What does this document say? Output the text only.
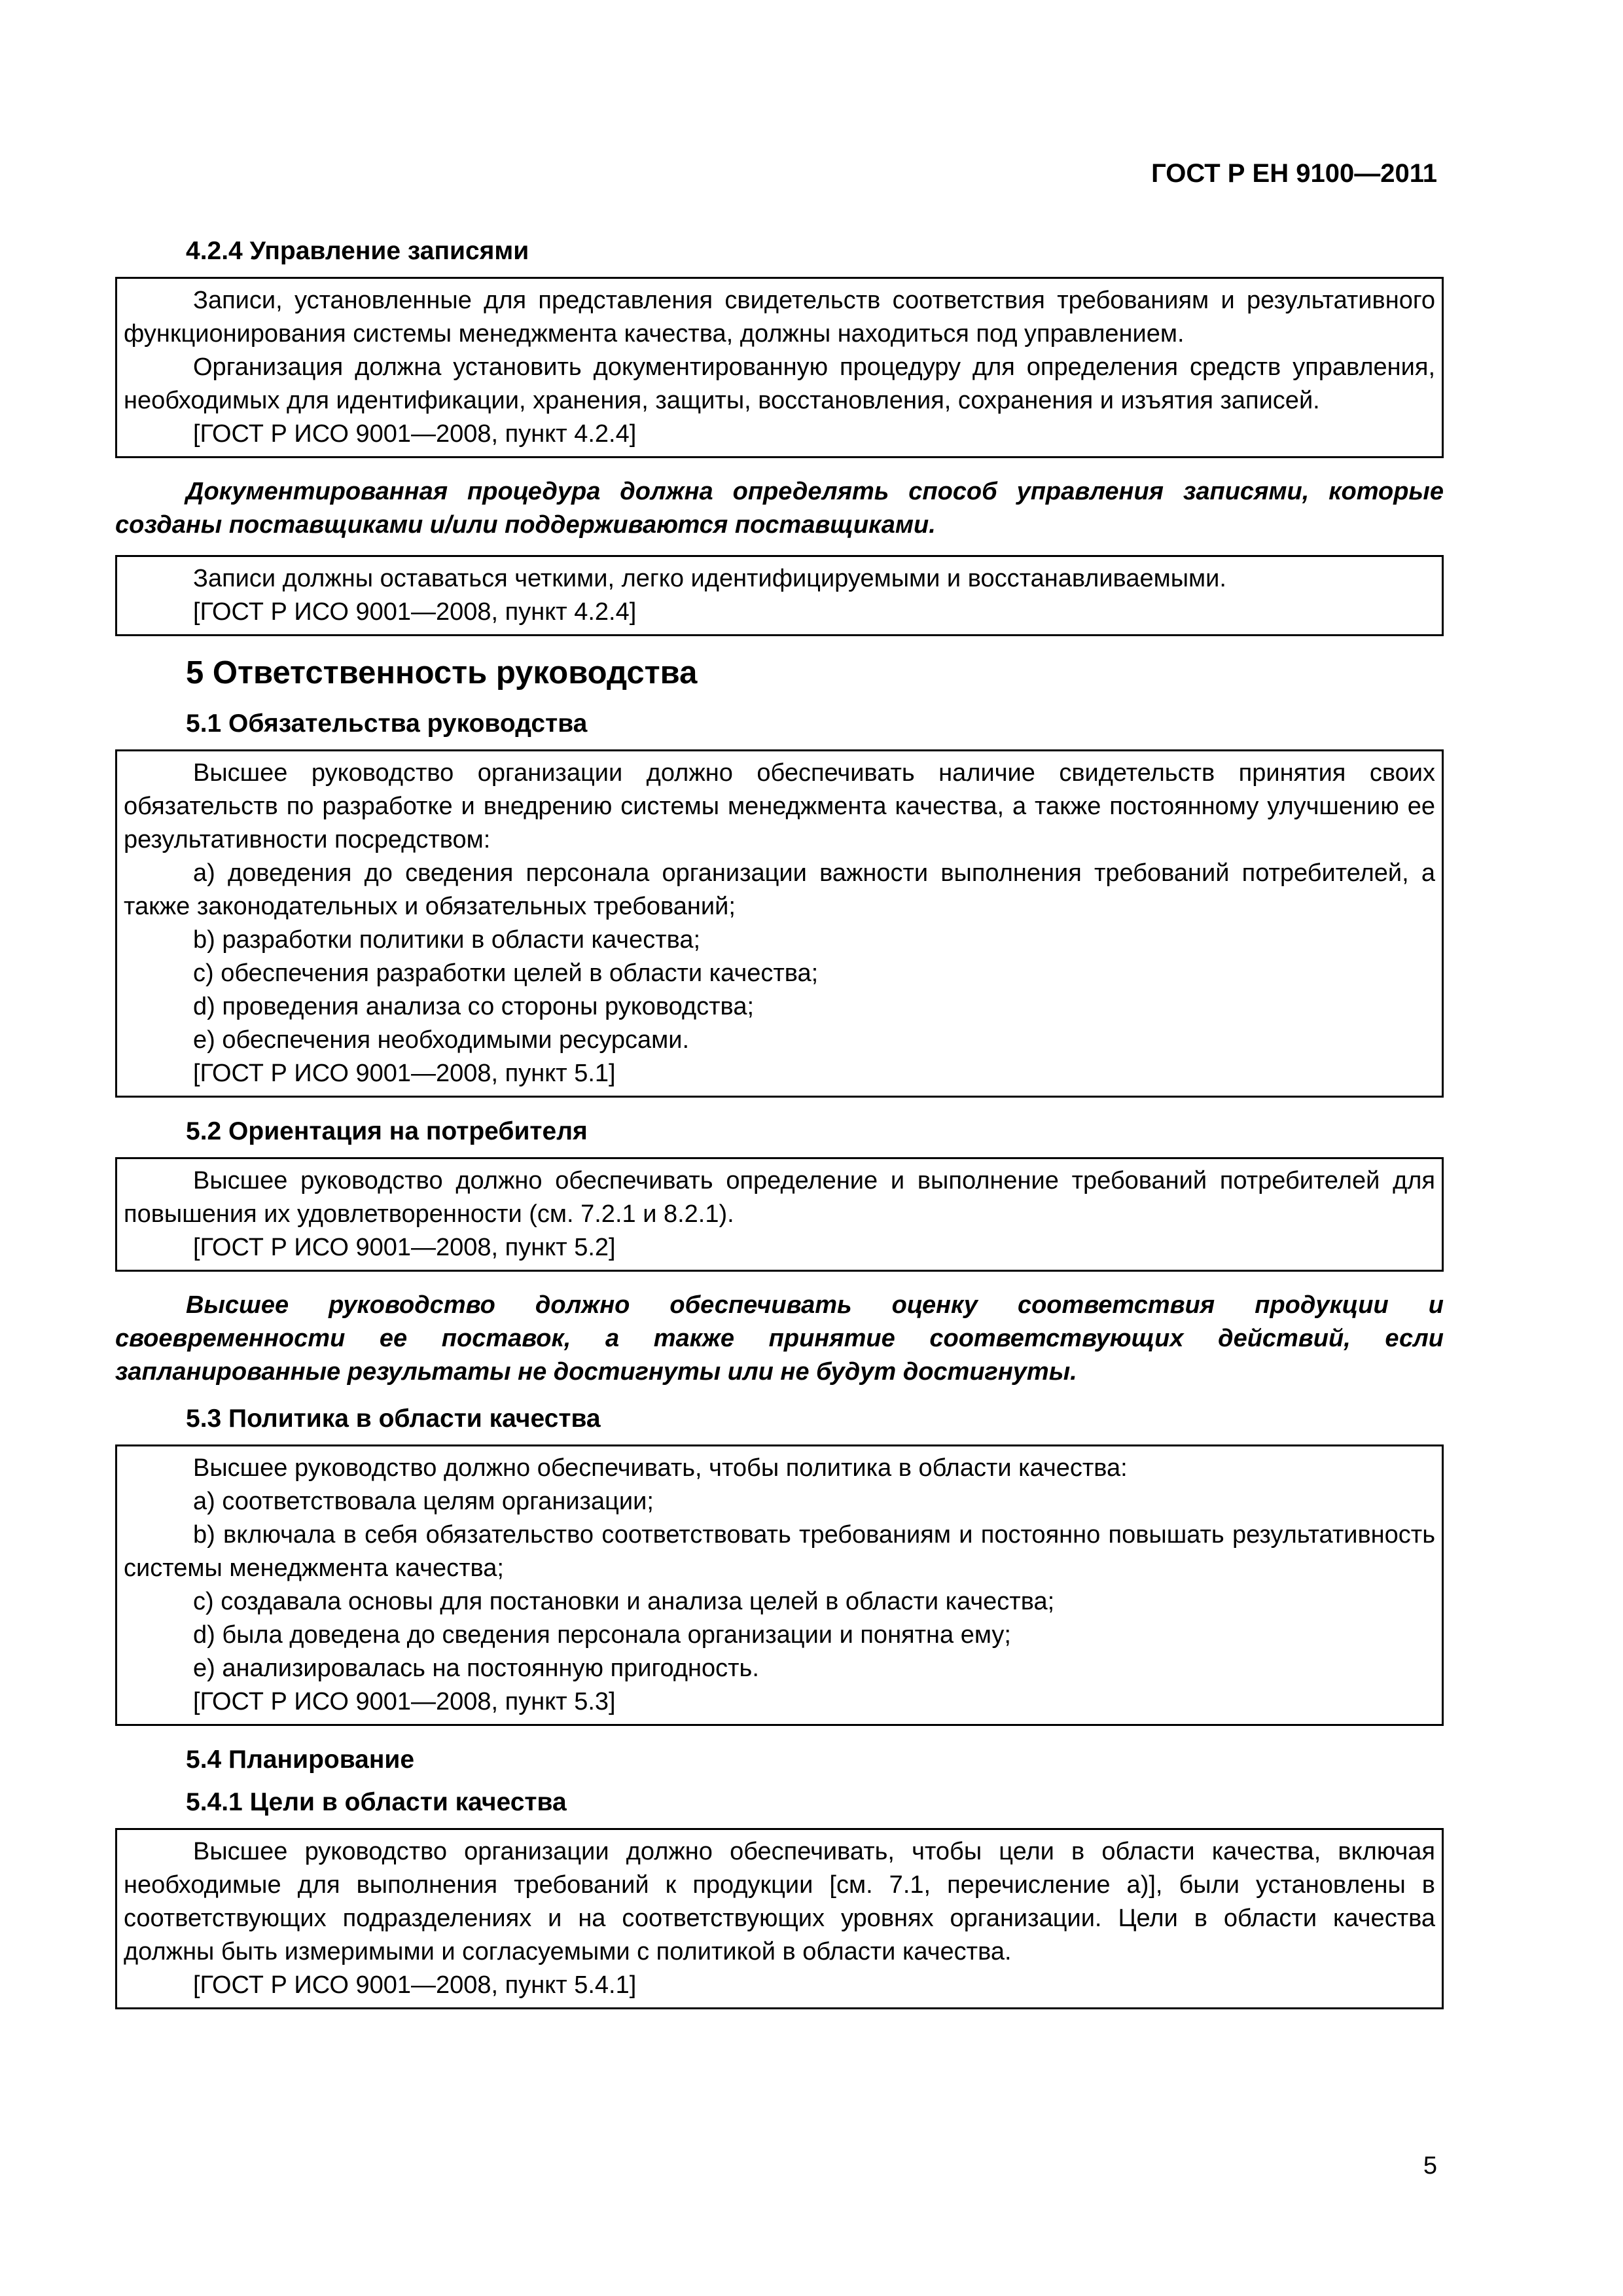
ГОСТ Р ЕН 9100—2011
4.2.4 Управление записями

Записи, установленные для представления свидетельств соответствия требованиям и результативного функционирования системы менеджмента качества, должны находиться под управлением.

Организация должна установить документированную процедуру для определения средств управления, необходимых для идентификации, хранения, защиты, восстановления, сохранения и изъятия записей.

[ГОСТ Р ИСО 9001—2008, пункт 4.2.4]

Документированная процедура должна определять способ управления записями, которые созданы поставщиками и/или поддерживаются поставщиками.

Записи должны оставаться четкими, легко идентифицируемыми и восстанавливаемыми.

[ГОСТ Р ИСО 9001—2008, пункт 4.2.4]

5 Ответственность руководства
5.1 Обязательства руководства

Высшее руководство организации должно обеспечивать наличие свидетельств принятия своих обязательств по разработке и внедрению системы менеджмента качества, а также постоянному улучшению ее результативности посредством:

а) доведения до сведения персонала организации важности выполнения требований потребителей, а также законодательных и обязательных требований;

b) разработки политики в области качества;

c) обеспечения разработки целей в области качества;

d) проведения анализа со стороны руководства;

e) обеспечения необходимыми ресурсами.

[ГОСТ Р ИСО 9001—2008, пункт 5.1]

5.2 Ориентация на потребителя

Высшее руководство должно обеспечивать определение и выполнение требований потребителей для повышения их удовлетворенности (см. 7.2.1 и 8.2.1).

[ГОСТ Р ИСО 9001—2008, пункт 5.2]

Высшее руководство должно обеспечивать оценку соответствия продукции и своевременности ее поставок, а также принятие соответствующих действий, если запланированные результаты не достигнуты или не будут достигнуты.
5.3 Политика в области качества

Высшее руководство должно обеспечивать, чтобы политика в области качества:

a) соответствовала целям организации;

b) включала в себя обязательство соответствовать требованиям и постоянно повышать результативность системы менеджмента качества;

c) создавала основы для постановки и анализа целей в области качества;

d) была доведена до сведения персонала организации и понятна ему;

e) анализировалась на постоянную пригодность.

[ГОСТ Р ИСО 9001—2008, пункт 5.3]

5.4 Планирование
5.4.1 Цели в области качества

Высшее руководство организации должно обеспечивать, чтобы цели в области качества, включая необходимые для выполнения требований к продукции [см. 7.1, перечисление а)], были установлены в соответствующих подразделениях и на соответствующих уровнях организации. Цели в области качества должны быть измеримыми и согласуемыми с политикой в области качества.

[ГОСТ Р ИСО 9001—2008, пункт 5.4.1]

5
